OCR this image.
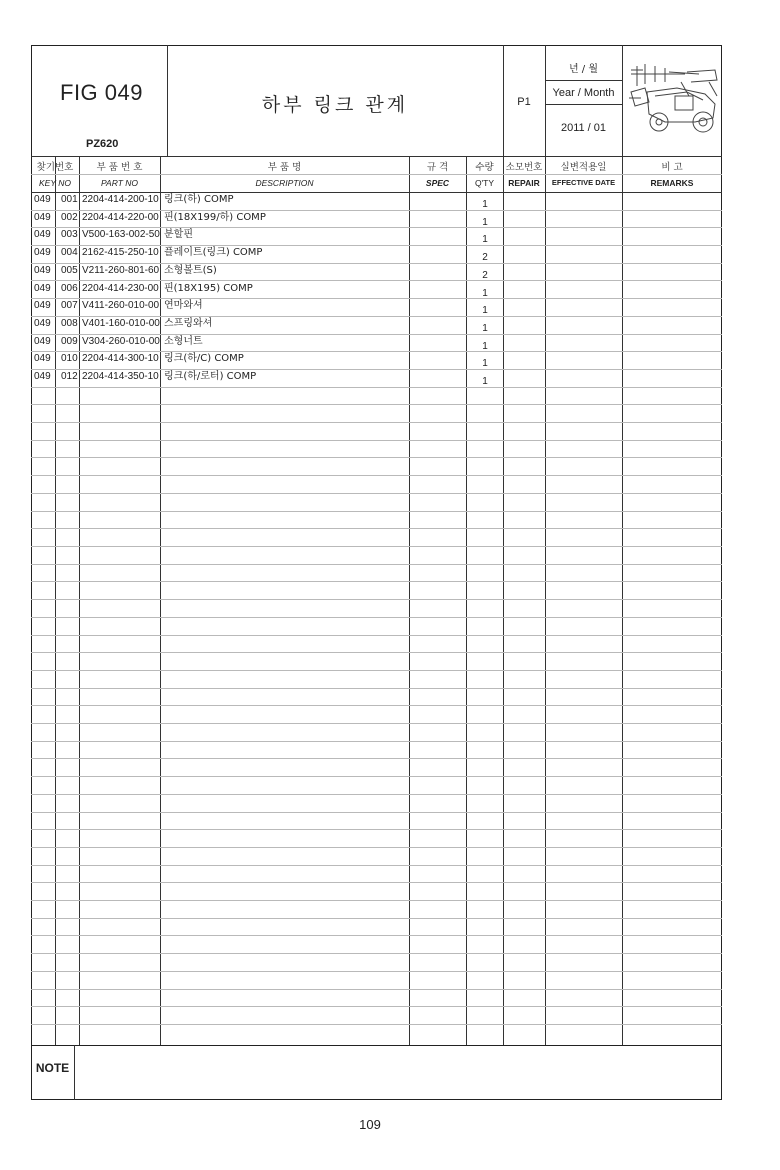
FIG 049
PZ620
하부 링크 관계	P1
년 / 월
Year / Month
2011 / 01
찾기번호
KEY NO
부 품 번 호
PART NO
부 품 명
DESCRIPTION
규 격
SPEC
수량
Q'TY
소모번호
REPAIR
실변적용일
EFFECTIVE DATE
비 고
REMARKS
049 001 2204-414-200-10 링크(하) COMP	1
049 002 2204-414-220-00 핀(18X199/하) COMP	1
049 003 V500-163-002-50 분할핀	1
049 004 2162-415-250-10 플레이트(링크) COMP	2
049 005 V211-260-801-60 소형볼트(S)	2
049 006 2204-414-230-00 핀(18X195) COMP	1
049 007 V411-260-010-00 연마와셔	1
049 008 V401-160-010-00 스프링와셔	1
049 009 V304-260-010-00 소형너트	1
049 010 2204-414-300-10 링크(하/C) COMP	1
049 012 2204-414-350-10 링크(하/로터) COMP	1
NOTE
109
